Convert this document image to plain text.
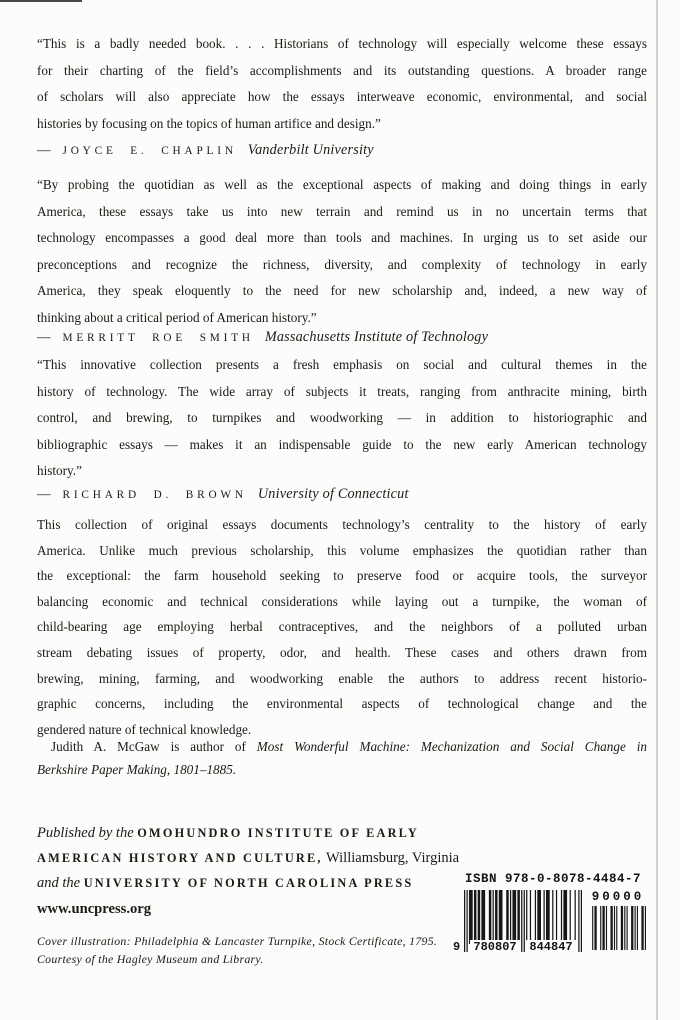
“This is a badly needed book. . . . Historians of technology will especially welcome these essays
for their charting of the field’s accomplishments and its outstanding questions. A broader range
of scholars will also appreciate how the essays interweave economic, environmental, and social
histories by focusing on the topics of human artifice and design.”
— JOYCE E. CHAPLIN Vanderbilt University
“By probing the quotidian as well as the exceptional aspects of making and doing things in early
America, these essays take us into new terrain and remind us in no uncertain terms that
technology encompasses a good deal more than tools and machines. In urging us to set aside our
preconceptions and recognize the richness, diversity, and complexity of technology in early
America, they speak eloquently to the need for new scholarship and, indeed, a new way of
thinking about a critical period of American history.”
— MERRITT ROE SMITH Massachusetts Institute of Technology
“This innovative collection presents a fresh emphasis on social and cultural themes in the
history of technology. The wide array of subjects it treats, ranging from anthracite mining, birth
control, and brewing, to turnpikes and woodworking — in addition to historiographic and
bibliographic essays — makes it an indispensable guide to the new early American technology
history.”
— RICHARD D. BROWN University of Connecticut
This collection of original essays documents technology’s centrality to the history of early
America. Unlike much previous scholarship, this volume emphasizes the quotidian rather than
the exceptional: the farm household seeking to preserve food or acquire tools, the surveyor
balancing economic and technical considerations while laying out a turnpike, the woman of
child-bearing age employing herbal contraceptives, and the neighbors of a polluted urban
stream debating issues of property, odor, and health. These cases and others drawn from
brewing, mining, farming, and woodworking enable the authors to address recent historio-
graphic concerns, including the environmental aspects of technological change and the
gendered nature of technical knowledge.
Judith A. McGaw is author of Most Wonderful Machine: Mechanization and Social Change in
Berkshire Paper Making, 1801–1885.
Published by the OMOHUNDRO INSTITUTE OF EARLY
AMERICAN HISTORY AND CULTURE, Williamsburg, Virginia
and the UNIVERSITY OF NORTH CAROLINA PRESS
www.uncpress.org
Cover illustration: Philadelphia & Lancaster Turnpike, Stock Certificate, 1795.
Courtesy of the Hagley Museum and Library.
ISBN 978-0-8078-4484-7
9 780807 844847
90000
